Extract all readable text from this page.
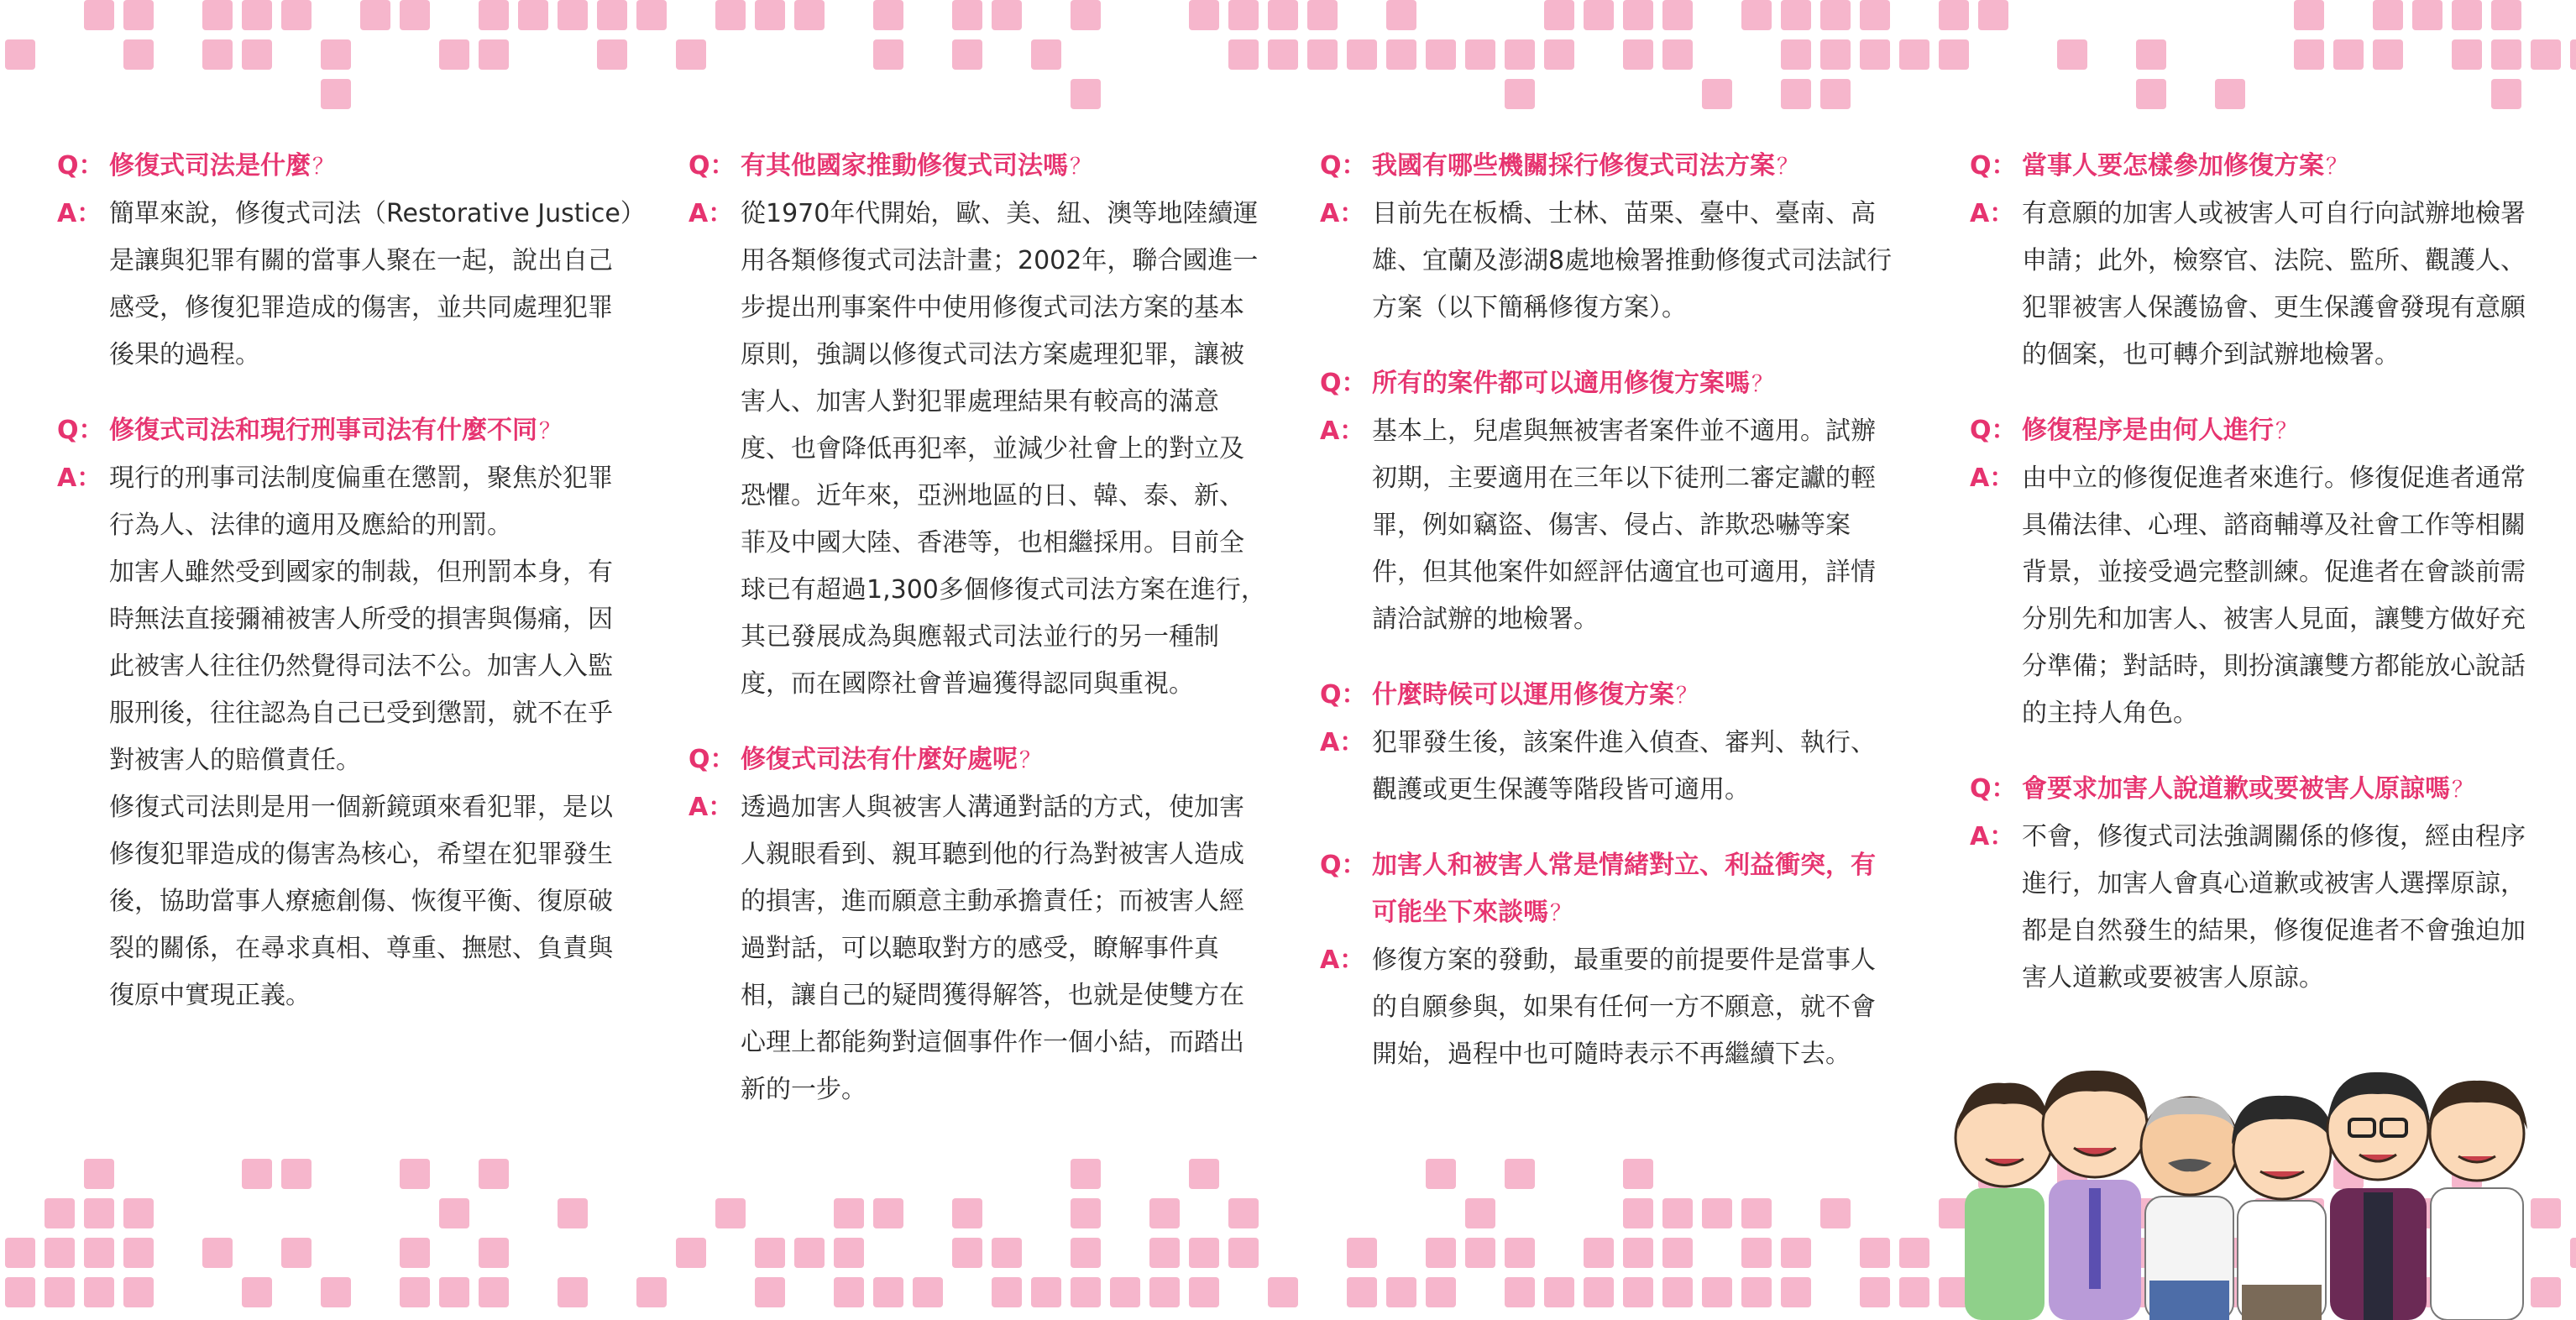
Q： 修復式司法是什麼 ？
A： 簡單來說，修復式司法（Restorative Justice）是讓與犯罪有關的當事人聚在一起，說出自己感受，修復犯罪造成的傷害，並共同處理犯罪後果的過程。

Q： 修復式司法和現行刑事司法有什麼不同 ？
A： 現行的刑事司法制度偏重在懲罰，聚焦於犯罪行為人、法律的適用及應給的刑罰。

加害人雖然受到國家的制裁，但刑罰本身，有時無法直接彌補被害人所受的損害與傷痛，因此被害人往往仍然覺得司法不公。加害人入監服刑後，往往認為自己已受到懲罰，就不在乎對被害人的賠償責任。

修復式司法則是用一個新鏡頭來看犯罪，是以修復犯罪造成的傷害為核心，希望在犯罪發生後，協助當事人療癒創傷、恢復平衡、復原破裂的關係，在尋求真相、尊重、撫慰、負責與復原中實現正義。

Q： 有其他國家推動修復式司法嗎 ？
A： 從1970年代開始，歐、美、紐、澳等地陸續運用各類修復式司法計畫；2002年，聯合國進一步提出刑事案件中使用修復式司法方案的基本原則，強調以修復式司法方案處理犯罪，讓被害人、加害人對犯罪處理結果有較高的滿意度、也會降低再犯率，並減少社會上的對立及恐懼。近年來，亞洲地區的日、韓、泰、新、菲及中國大陸、香港等，也相繼採用。目前全球已有超過1,300多個修復式司法方案在進行，其已發展成為與應報式司法並行的另一種制度，而在國際社會普遍獲得認同與重視。

Q： 修復式司法有什麼好處呢 ？
A： 透過加害人與被害人溝通對話的方式，使加害人親眼看到、親耳聽到他的行為對被害人造成的損害，進而願意主動承擔責任；而被害人經過對話，可以聽取對方的感受，瞭解事件真相，讓自己的疑問獲得解答，也就是使雙方在心理上都能夠對這個事件作一個小結，而踏出新的一步。

Q： 我國有哪些機關採行修復式司法方案 ？
A： 目前先在板橋、士林、苗栗、臺中、臺南、高雄、宜蘭及澎湖8處地檢署推動修復式司法試行方案（以下簡稱修復方案）。

Q： 所有的案件都可以適用修復方案嗎 ？
A： 基本上，兒虐與無被害者案件並不適用。試辦初期，主要適用在三年以下徒刑二審定讞的輕罪，例如竊盜、傷害、侵占、詐欺恐嚇等案件，但其他案件如經評估適宜也可適用，詳情請洽試辦的地檢署。

Q： 什麼時候可以運用修復方案 ？
A： 犯罪發生後，該案件進入偵查、審判、執行、觀護或更生保護等階段皆可適用。

Q： 加害人和被害人常是情緒對立、利益衝突，有可能坐下來談嗎 ？
A： 修復方案的發動，最重要的前提要件是當事人的自願參與，如果有任何一方不願意，就不會開始，過程中也可隨時表示不再繼續下去。

Q： 當事人要怎樣參加修復方案 ？
A： 有意願的加害人或被害人可自行向試辦地檢署申請；此外，檢察官、法院、監所、觀護人、犯罪被害人保護協會、更生保護會發現有意願的個案，也可轉介到試辦地檢署。

Q： 修復程序是由何人進行 ？
A： 由中立的修復促進者來進行。修復促進者通常具備法律、心理、諮商輔導及社會工作等相關背景，並接受過完整訓練。促進者在會談前需分別先和加害人、被害人見面，讓雙方做好充分準備；對話時，則扮演讓雙方都能放心說話的主持人角色。

Q： 會要求加害人說道歉或要被害人原諒嗎 ？
A： 不會，修復式司法強調關係的修復，經由程序進行，加害人會真心道歉或被害人選擇原諒，都是自然發生的結果，修復促進者不會強迫加害人道歉或要被害人原諒。
